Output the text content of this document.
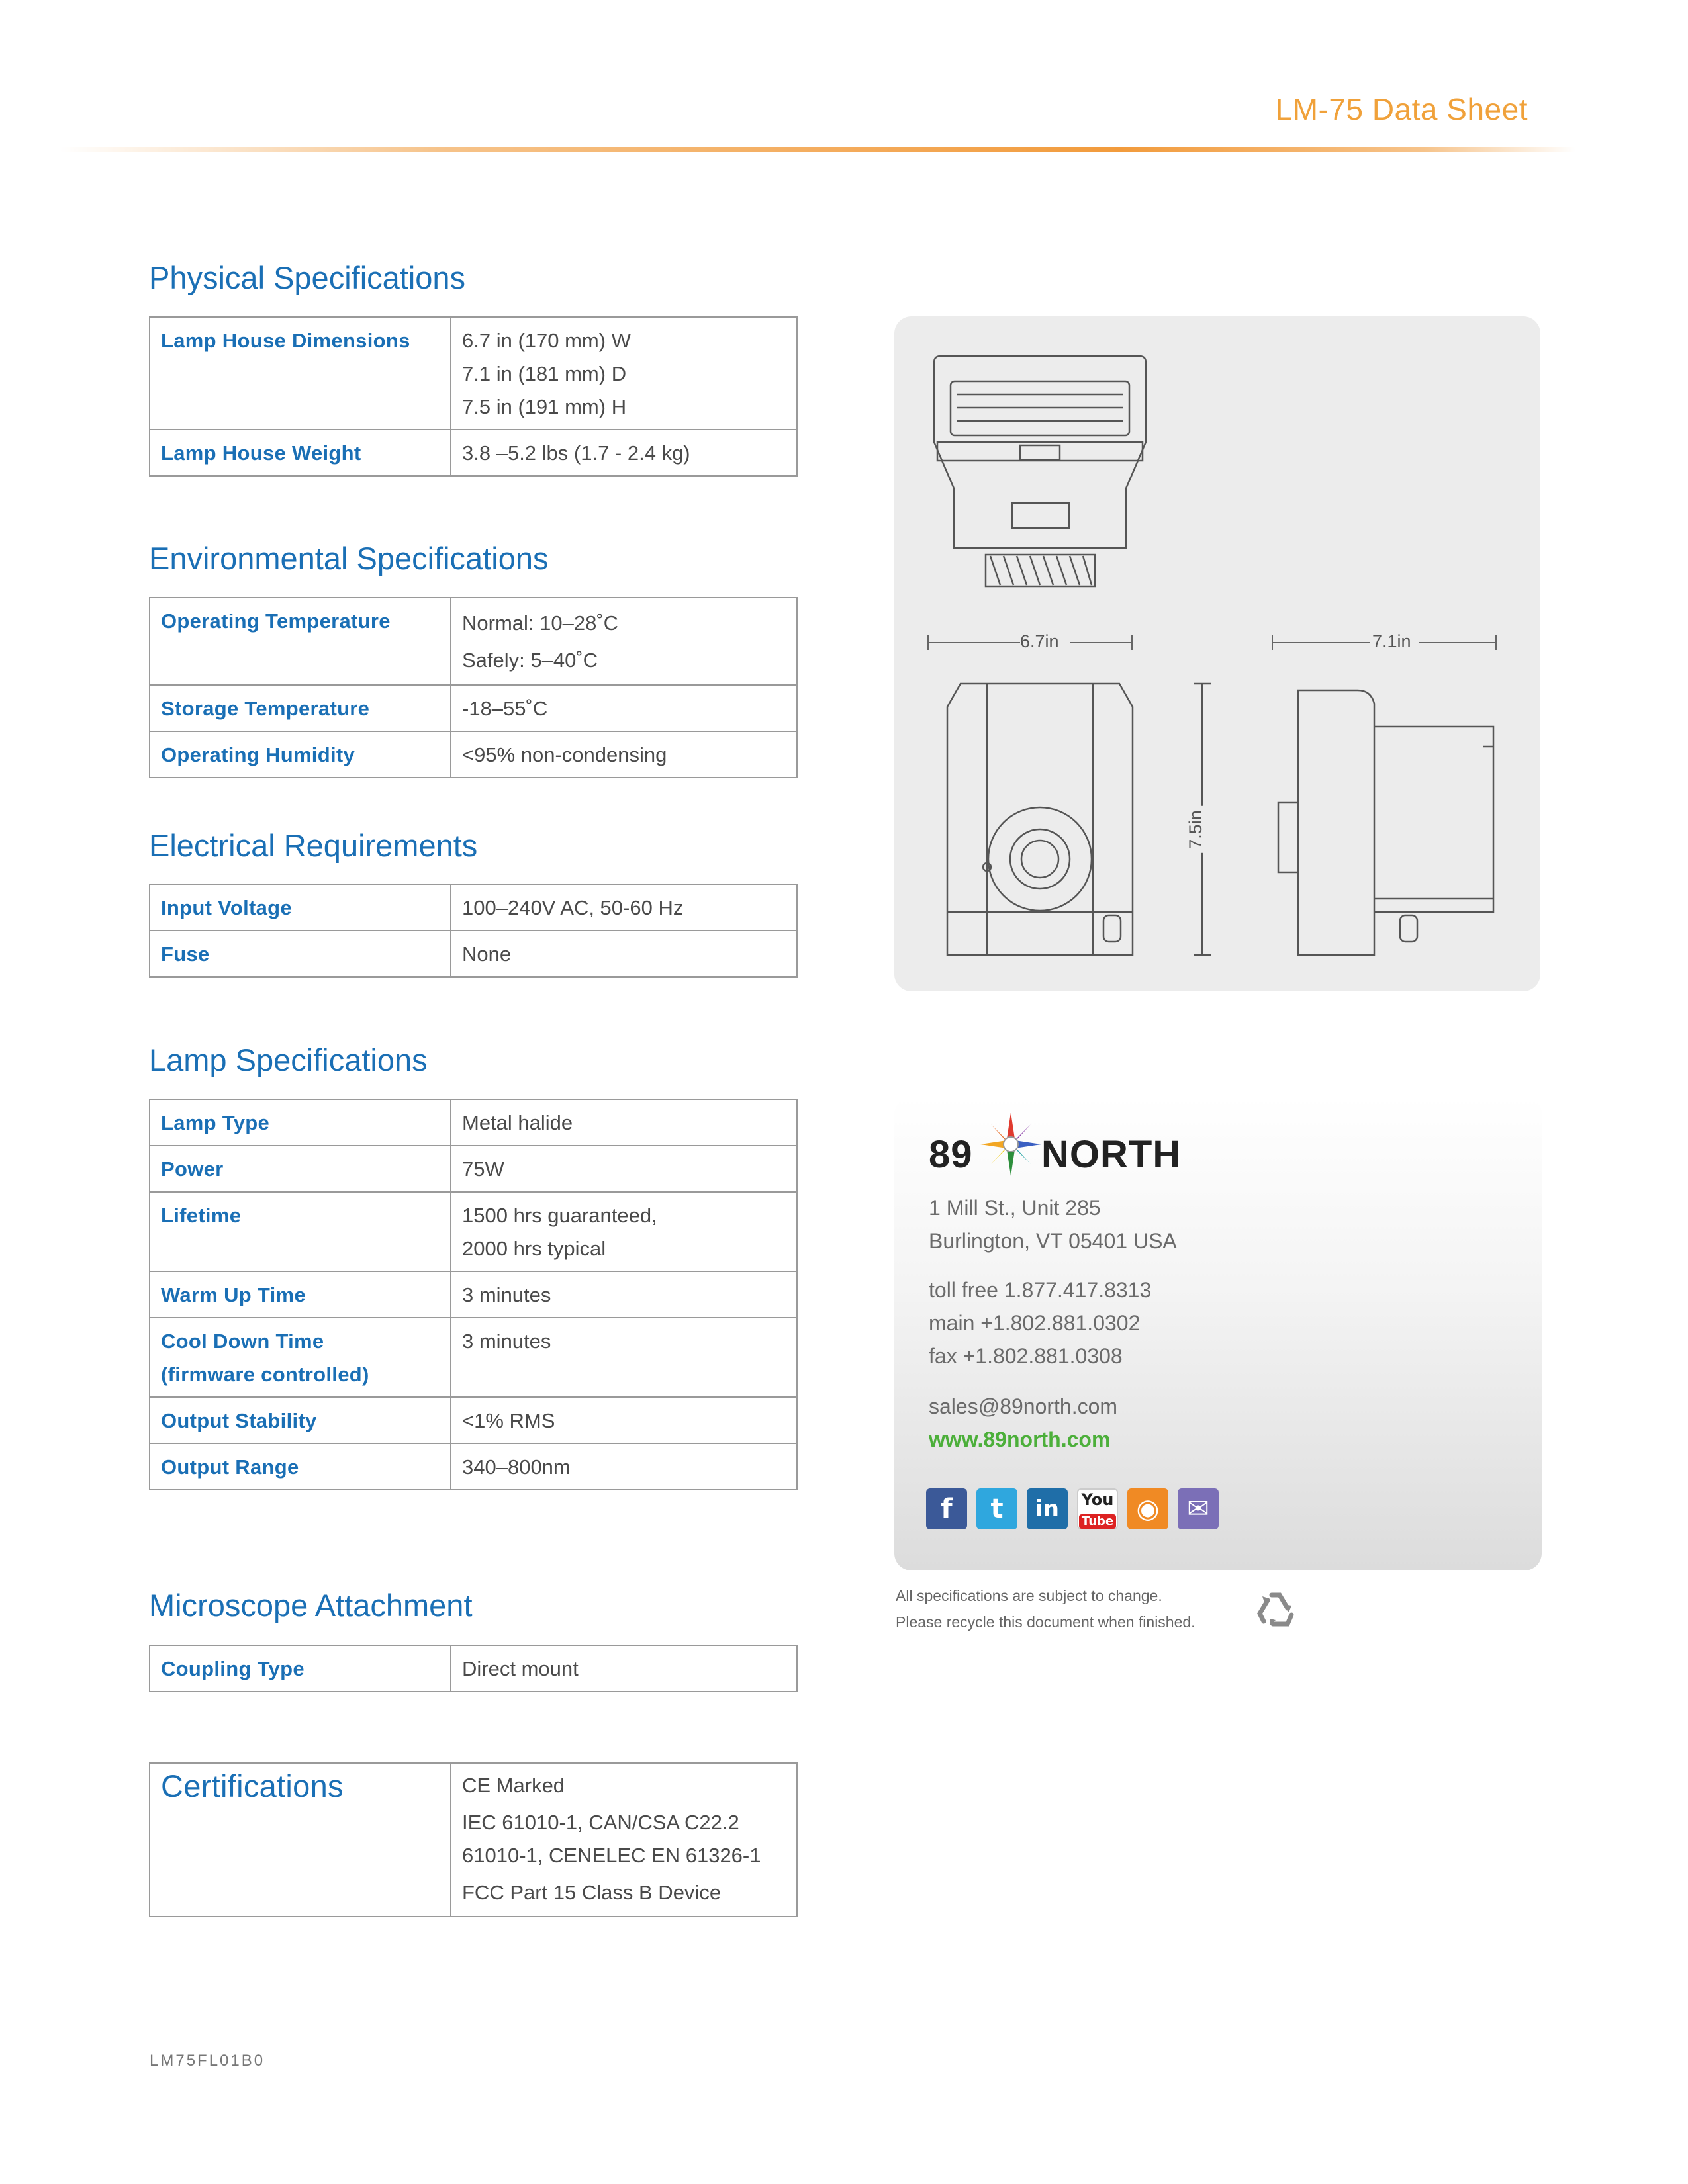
LM-75 Data Sheet
Physical Specifications
Lamp House Dimensions	6.7 in (170 mm) W
7.1 in (181 mm) D
7.5 in (191 mm) H

Lamp House Weight	3.8 –5.2 lbs (1.7 - 2.4 kg)
Environmental Specifications
Operating Temperature	Normal: 10–28˚C
Safely: 5–40˚C

Storage Temperature	-18–55˚C
Operating Humidity	<95% non-condensing
Electrical Requirements
Input Voltage	100–240V AC, 50-60 Hz
Fuse	None
Lamp Specifications
Lamp Type	Metal halide
Power	75W
Lifetime	1500 hrs guaranteed,
2000 hrs typical

Warm Up Time	3 minutes

Cool Down Time
(firmware controlled)	3 minutes
Output Stability	<1% RMS
Output Range	340–800nm
Microscope Attachment
Coupling Type	Direct mount
Certifications	CE Marked
IEC 61010-1, CAN/CSA C22.2
61010-1, CENELEC EN 61326-1
FCC Part 15 Class B Device
6.7in	7.1in
7.5in
89 NORTH
1 Mill St., Unit 285
Burlington, VT 05401 USA
toll free 1.877.417.8313
main +1.802.881.0302
fax +1.802.881.0308
sales@89north.com
www.89north.com
f	t	in	You
Tube ◉	✉
All specifications are subject to change.
Please recycle this document when finished.
LM75FL01B0
